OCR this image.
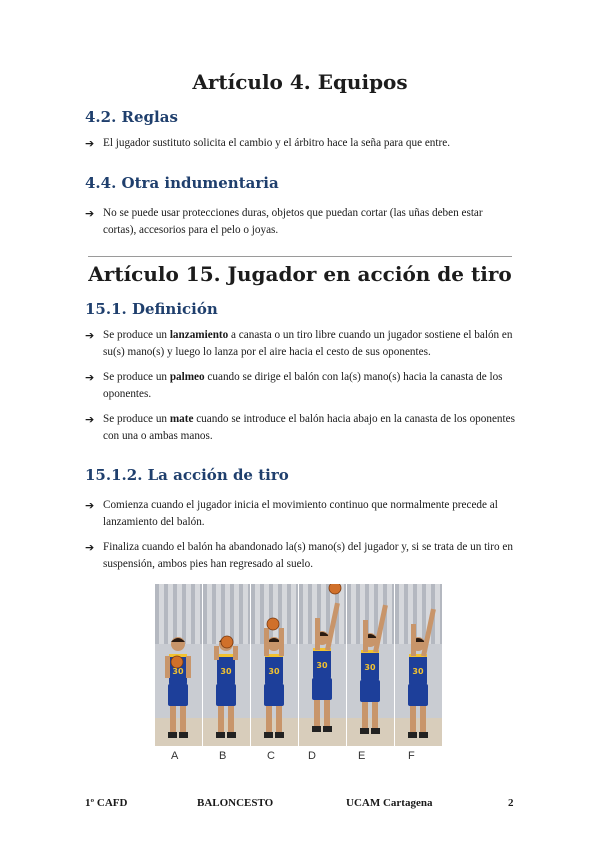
Artículo 4. Equipos
4.2. Reglas
➔ El jugador sustituto solicita el cambio y el árbitro hace la seña para que entre.
4.4. Otra indumentaria
➔ No se puede usar protecciones duras, objetos que puedan cortar (las uñas deben estar cortas), accesorios para el pelo o joyas.
Artículo 15. Jugador en acción de tiro
15.1. Definición
➔ Se produce un lanzamiento a canasta o un tiro libre cuando un jugador sostiene el balón en su(s) mano(s) y luego lo lanza por el aire hacia el cesto de sus oponentes.
➔ Se produce un palmeo cuando se dirige el balón con la(s) mano(s) hacia la canasta de los oponentes.
➔ Se produce un mate cuando se introduce el balón hacia abajo en la canasta de los oponentes con una o ambas manos.
15.1.2. La acción de tiro
➔ Comienza cuando el jugador inicia el movimiento continuo que normalmente precede al lanzamiento del balón.
➔ Finaliza cuando el balón ha abandonado la(s) mano(s) del jugador y, si se trata de un tiro en suspensión, ambos pies han regresado al suelo.
30	30	30
30	30	30
A	B	C	D	E	F
1º CAFD	BALONCESTO	UCAM Cartagena	2
